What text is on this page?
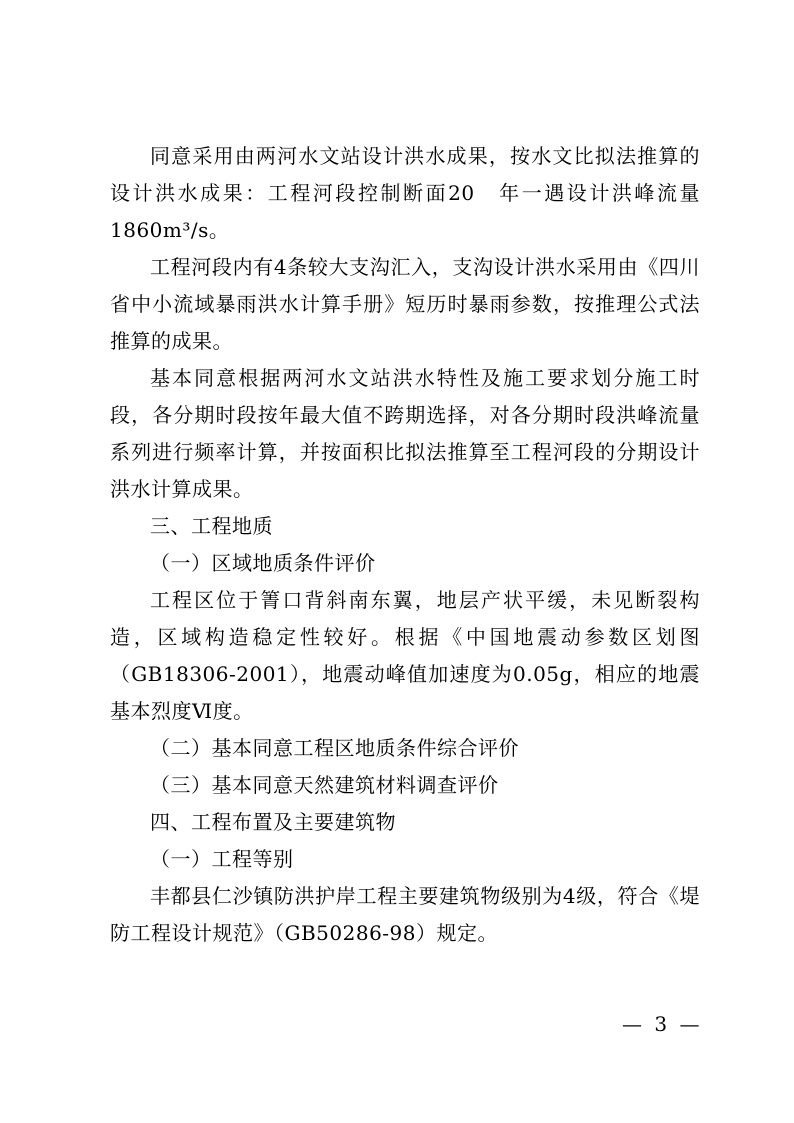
同意采用由两河水文站设计洪水成果，按水文比拟法推算的设计洪水成果：工程河段控制断面20　年一遇设计洪峰流量1860m³/s。

工程河段内有4条较大支沟汇入，支沟设计洪水采用由《四川省中小流域暴雨洪水计算手册》短历时暴雨参数，按推理公式法推算的成果。

基本同意根据两河水文站洪水特性及施工要求划分施工时段，各分期时段按年最大值不跨期选择，对各分期时段洪峰流量系列进行频率计算，并按面积比拟法推算至工程河段的分期设计洪水计算成果。

三、工程地质

（一）区域地质条件评价

工程区位于箐口背斜南东翼，地层产状平缓，未见断裂构造，区域构造稳定性较好。根据《中国地震动参数区划图（GB18306-2001），地震动峰值加速度为0.05g，相应的地震基本烈度Ⅵ度。

（二）基本同意工程区地质条件综合评价

（三）基本同意天然建筑材料调查评价

四、工程布置及主要建筑物

（一）工程等别

丰都县仁沙镇防洪护岸工程主要建筑物级别为4级，符合《堤防工程设计规范》（GB50286-98）规定。

— 3 —
